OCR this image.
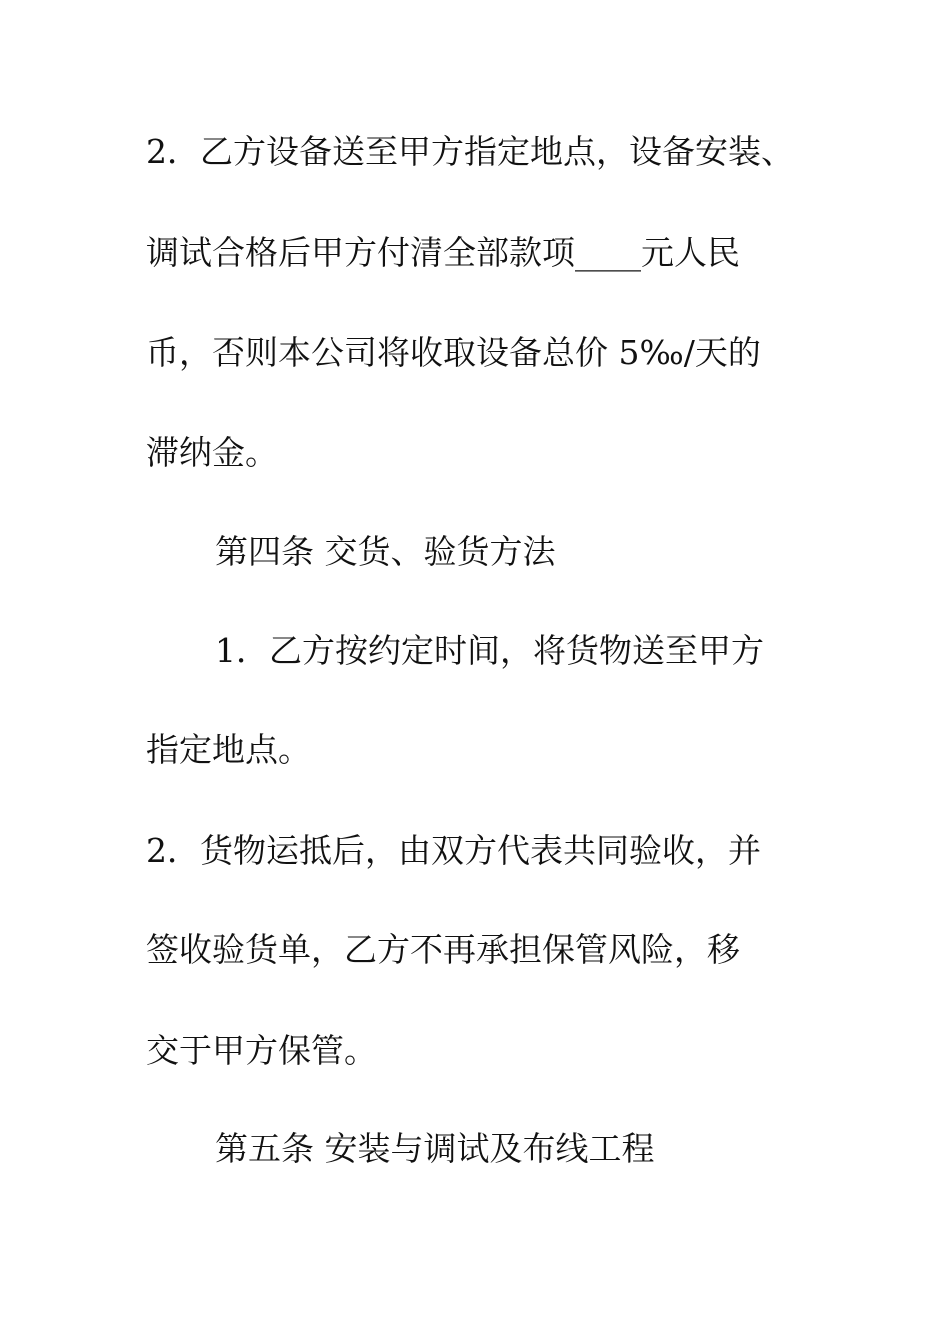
2．乙方设备送至甲方指定地点，设备安装、
调试合格后甲方付清全部款项____元人民
币，否则本公司将收取设备总价 5‰/天的
滞纳金。
第四条 交货、验货方法
1．乙方按约定时间，将货物送至甲方
指定地点。
2．货物运抵后，由双方代表共同验收，并
签收验货单，乙方不再承担保管风险，移
交于甲方保管。
第五条 安装与调试及布线工程
